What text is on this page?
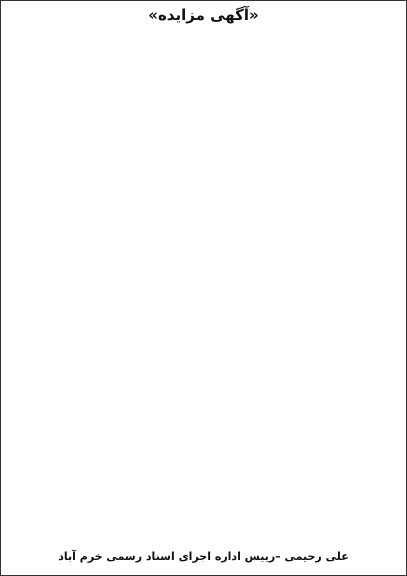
«آگهی مزایده»

علی رحیمی –رییس اداره اجرای اسناد رسمی خرم آباد
